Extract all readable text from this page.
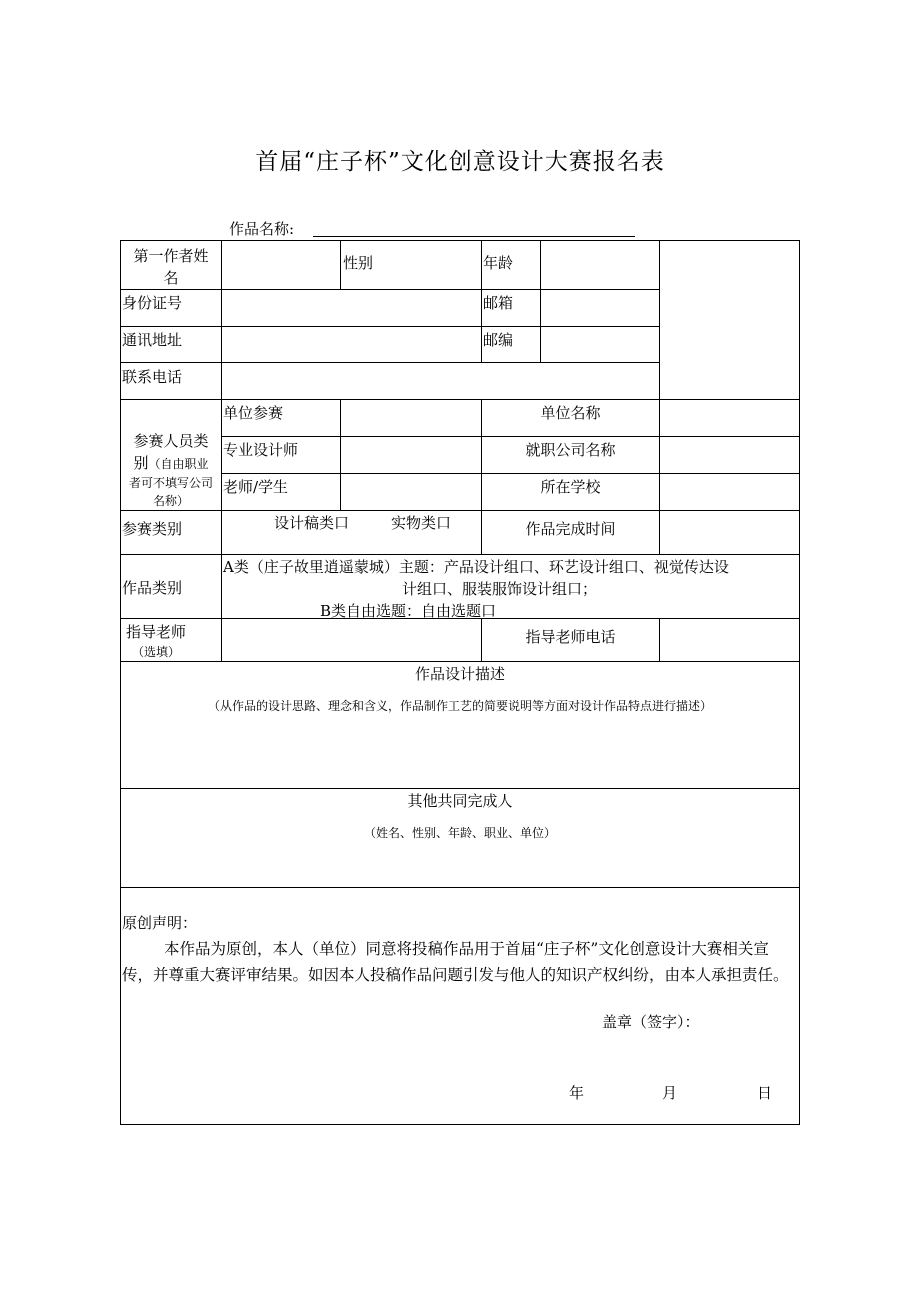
首届“庄子杯”文化创意设计大赛报名表
作品名称:
第一作者姓
名
性别	年龄
身份证号	邮箱
通讯地址	邮编
联系电话
参赛人员类
别（自由职业
者可不填写公司
名称）
单位参赛	单位名称
专业设计师	就职公司名称
老师/学生	所在学校
参赛类别	设计稿类口	实物类口	作品完成时间
作品类别
A类（庄子故里逍遥蒙城）主题：产品设计组口、环艺设计组口、视觉传达设
计组口、服装服饰设计组口；
B类自由选题：自由选题口
指导老师
（选填）
指导老师电话
作品设计描述
（从作品的设计思路、理念和含义，作品制作工艺的简要说明等方面对设计作品特点进行描述）
其他共同完成人
（姓名、性别、年龄、职业、单位）
原创声明：
本作品为原创，本人（单位）同意将投稿作品用于首届“庄子杯”文化创意设计大赛相关宣传，并尊重大赛评审结果。如因本人投稿作品问题引发与他人的知识产权纠纷，由本人承担责任。
盖章（签字）：
年	月	日
